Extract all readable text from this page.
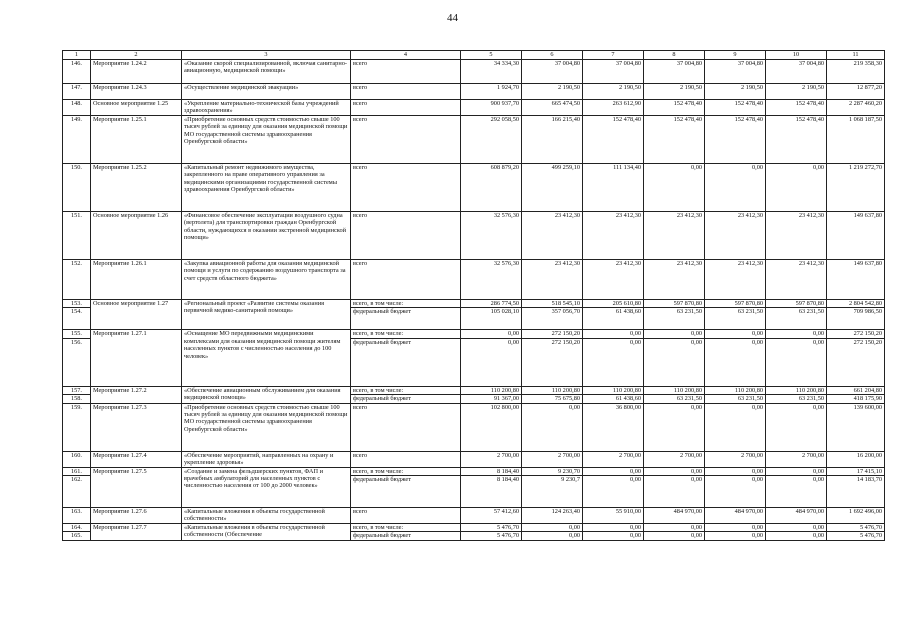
44
1	2	3	4	5	6	7	8	9	10	11
146.	Мероприятие 1.24.2	«Оказание скорой специализированной, включая санитарно-авиационную, медицинской помощи»	всего	34 334,30	37 004,80	37 004,80	37 004,80	37 004,80	37 004,80	219 358,30
147.	Мероприятие 1.24.3	«Осуществление медицинской эвакуации»	всего	1 924,70	2 190,50	2 190,50	2 190,50	2 190,50	2 190,50	12 877,20
148.	Основное мероприятие 1.25	«Укрепление материально-технической базы учреждений здравоохранения»	всего	900 937,70	665 474,50	263 612,90	152 478,40	152 478,40	152 478,40	2 287 460,20
149.	Мероприятие 1.25.1	«Приобретение основных средств стоимостью свыше 100 тысяч рублей за единицу для оказания медицинской помощи МО государственной системы здравоохранения Оренбургской области»	всего	292 058,50	166 215,40	152 478,40	152 478,40	152 478,40	152 478,40	1 068 187,50
150.	Мероприятие 1.25.2	«Капитальный ремонт недвижимого имущества, закрепленного на праве оперативного управления за медицинскими организациями государственной системы здравоохранения Оренбургской области»	всего	608 879,20	499 259,10	111 134,40	0,00	0,00	0,00	1 219 272,70
151.	Основное мероприятие 1.26	«Финансовое обеспечение эксплуатации воздушного судна (вертолета) для транспортировки граждан Оренбургской области, нуждающихся в оказании экстренной медицинской помощи»	всего	32 576,30	23 412,30	23 412,30	23 412,30	23 412,30	23 412,30	149 637,80
152.	Мероприятие 1.26.1	«Закупка авиационной работы для оказания медицинской помощи и услуги по содержанию воздушного транспорта за счет средств областного бюджета»	всего	32 576,30	23 412,30	23 412,30	23 412,30	23 412,30	23 412,30	149 637,80
153.	Основное мероприятие 1.27	«Региональный проект «Развитие системы оказания первичной медико-санитарной помощи»	всего, в том числе:	286 774,50	518 545,10	205 610,80	597 870,80	597 870,80	597 870,80	2 804 542,80
154.			федеральный бюджет	105 028,10	357 056,70	61 438,60	63 231,50	63 231,50	63 231,50	709 986,50
155.	Мероприятие 1.27.1	«Оснащение МО передвижными медицинскими комплексами для оказания медицинской помощи жителям населенных пунктов с численностью населения до 100 человек»	всего, в том числе:	0,00	272 150,20	0,00	0,00	0,00	0,00	272 150,20
156.			федеральный бюджет	0,00	272 150,20	0,00	0,00	0,00	0,00	272 150,20
157.	Мероприятие 1.27.2	«Обеспечение авиационным обслуживанием для оказания медицинской помощи»	всего, в том числе:	110 200,80	110 200,80	110 200,80	110 200,80	110 200,80	110 200,80	661 204,80
158.			федеральный бюджет	91 367,00	75 675,80	61 438,60	63 231,50	63 231,50	63 231,50	418 175,90
159.	Мероприятие 1.27.3	«Приобретение основных средств стоимостью свыше 100 тысяч рублей за единицу для оказания медицинской помощи МО государственной системы здравоохранения Оренбургской области»	всего	102 800,00	0,00	36 800,00	0,00	0,00	0,00	139 600,00
160.	Мероприятие 1.27.4	«Обеспечение мероприятий, направленных на охрану и укрепление здоровья»	всего	2 700,00	2 700,00	2 700,00	2 700,00	2 700,00	2 700,00	16 200,00
161.	Мероприятие 1.27.5	«Создание и замена фельдшерских пунктов, ФАП и врачебных амбулаторий для населенных пунктов с численностью населения от 100 до 2000 человек»	всего, в том числе:	8 184,40	9 230,70	0,00	0,00	0,00	0,00	17 415,10
162.			федеральный бюджет	8 184,40	9 230,7	0,00	0,00	0,00	0,00	14 183,70
163.	Мероприятие 1.27.6	«Капитальные вложения в объекты государственной собственности»	всего	57 412,60	124 263,40	55 910,00	484 970,00	484 970,00	484 970,00	1 692 496,00
164.	Мероприятие 1.27.7	«Капитальные вложения в объекты государственной собственности (Обеспечение	всего, в том числе:	5 476,70	0,00	0,00	0,00	0,00	0,00	5 476,70
165.			федеральный бюджет	5 476,70	0,00	0,00	0,00	0,00	0,00	5 476,70
